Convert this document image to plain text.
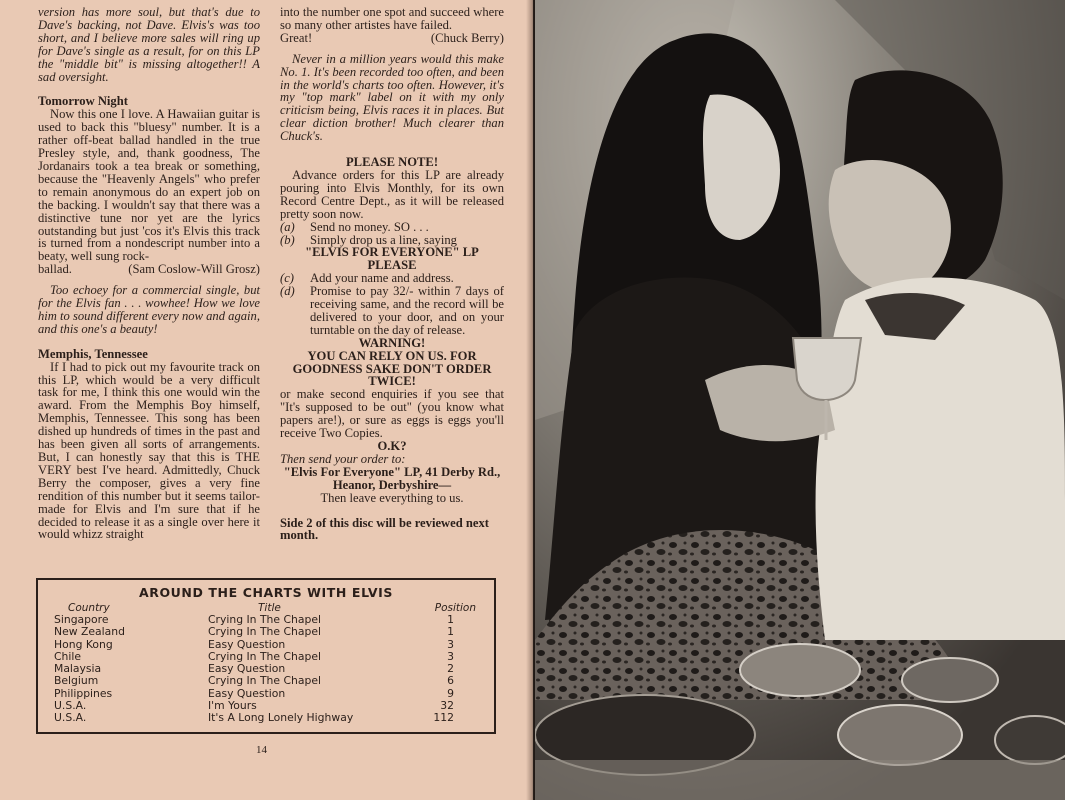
version has more soul, but that's due to Dave's backing, not Dave. Elvis's was too short, and I believe more sales will ring up for Dave's single as a result, for on this LP the "middle bit" is missing altogether!! A sad oversight.

Tomorrow Night

Now this one I love. A Hawaiian guitar is used to back this "bluesy" number. It is a rather off-beat ballad handled in the true Presley style, and, thank goodness, The Jordanairs took a tea break or something, because the "Heavenly Angels" who prefer to remain anonymous do an expert job on the backing. I wouldn't say that there was a distinctive tune nor yet are the lyrics outstanding but just 'cos it's Elvis this track is turned from a nondescript number into a beaty, well sung rock-

ballad.	(Sam Coslow-Will Grosz)

Too echoey for a commercial single, but for the Elvis fan . . . wowhee! How we love him to sound different every now and again, and this one's a beauty!

Memphis, Tennessee

If I had to pick out my favourite track on this LP, which would be a very difficult task for me, I think this one would win the award. From the Memphis Boy himself, Memphis, Tennessee. This song has been dished up hundreds of times in the past and has been given all sorts of arrangements. But, I can honestly say that this is THE VERY best I've heard. Admittedly, Chuck Berry the composer, gives a very fine rendition of this number but it seems tailor-made for Elvis and I'm sure that if he decided to release it as a single over here it would whizz straight

into the number one spot and succeed where so many other artistes have failed.

Great!	(Chuck Berry)

Never in a million years would this make No. 1. It's been recorded too often, and been in the world's charts too often. However, it's my "top mark" label on it with my only criticism being, Elvis races it in places. But clear diction brother! Much clearer than Chuck's.

PLEASE NOTE!

Advance orders for this LP are already pouring into Elvis Monthly, for its own Record Centre Dept., as it will be released pretty soon now.

(a)	Send no money. SO . . .
(b)	Simply drop us a line, saying

"ELVIS FOR EVERYONE" LP

PLEASE

(c)	Add your name and address.
(d)	Promise to pay 32/- within 7 days of receiving same, and the record will be delivered to your door, and on your turntable on the day of release.

WARNING!

YOU CAN RELY ON US. FOR GOODNESS SAKE DON'T ORDER TWICE!

or make second enquiries if you see that "It's supposed to be out" (you know what papers are!), or sure as eggs is eggs you'll receive Two Copies.

O.K?

Then send your order to:

"Elvis For Everyone" LP, 41 Derby Rd.,

Heanor, Derbyshire—

Then leave everything to us.

Side 2 of this disc will be reviewed next month.

AROUND THE CHARTS WITH ELVIS
Country	Title	Position
Singapore	Crying In The Chapel	1
New Zealand	Crying In The Chapel	1
Hong Kong	Easy Question	3
Chile	Crying In The Chapel	3
Malaysia	Easy Question	2
Belgium	Crying In The Chapel	6
Philippines	Easy Question	9
U.S.A.	I'm Yours	32
U.S.A.	It's A Long Lonely Highway	112
14
